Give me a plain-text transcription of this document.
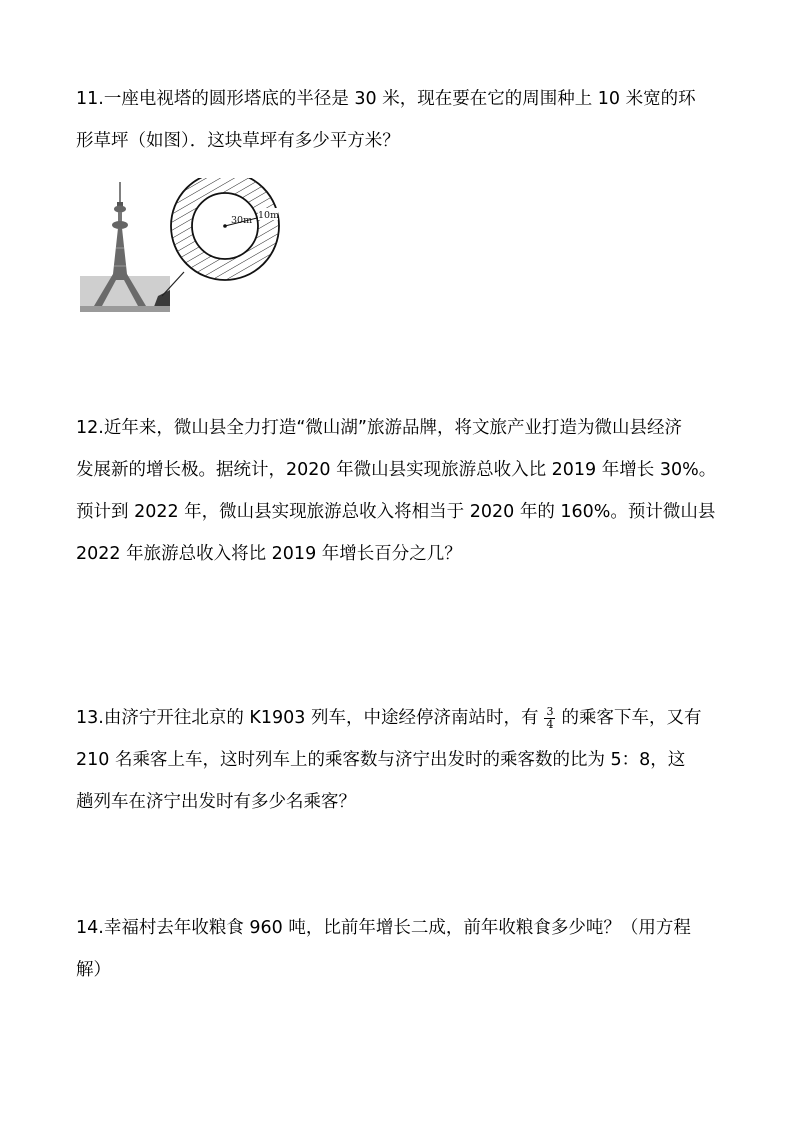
11.一座电视塔的圆形塔底的半径是 30 米，现在要在它的周围种上 10 米宽的环
形草坪（如图）．这块草坪有多少平方米？
30m 10m
12.近年来，微山县全力打造“微山湖”旅游品牌，将文旅产业打造为微山县经济
发展新的增长极。据统计，2020 年微山县实现旅游总收入比 2019 年增长 30%。
预计到 2022 年，微山县实现旅游总收入将相当于 2020 年的 160%。预计微山县
2022 年旅游总收入将比 2019 年增长百分之几？
13.由济宁开往北京的 K1903 列车，中途经停济南站时，有 $\frac{3}{4}$ 的乘客下车，又有
210 名乘客上车，这时列车上的乘客数与济宁出发时的乘客数的比为 5：8，这
趟列车在济宁出发时有多少名乘客？
14.幸福村去年收粮食 960 吨，比前年增长二成，前年收粮食多少吨？（用方程
解）
